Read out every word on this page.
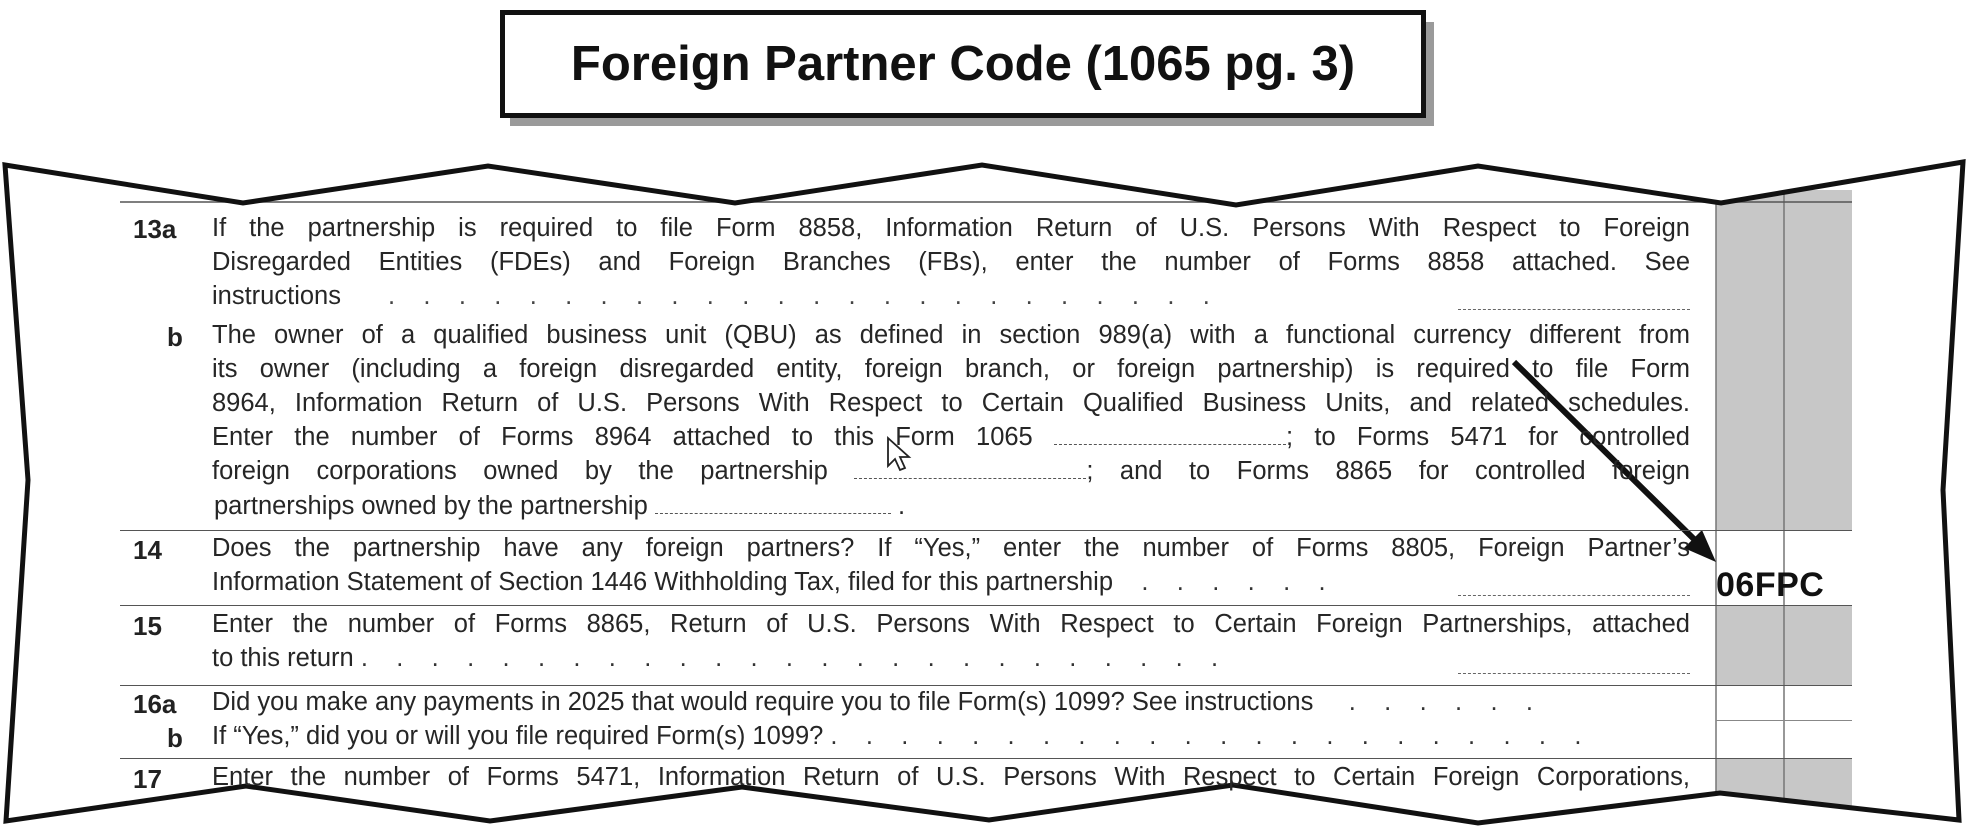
Foreign Partner Code (1065 pg. 3)
13a If the partnership is required to file Form 8858, Information Return of U.S. Persons With Respect to Foreign
Disregarded Entities (FDEs) and Foreign Branches (FBs), enter the number of Forms 8858 attached. See
instructions	.    .    .    .    .    .    .    .    .    .    .    .    .    .    .    .    .    .    .    .    .    .    .    .
b The owner of a qualified business unit (QBU) as defined in section 989(a) with a functional currency different from
its owner (including a foreign disregarded entity, foreign branch, or foreign partnership) is required to file Form
8964, Information Return of U.S. Persons With Respect to Certain Qualified Business Units, and related schedules.
Enter the number of Forms 8964 attached to this Form 1065	; to Forms 5471 for controlled
foreign corporations owned by the partnership	; and to Forms 8865 for controlled foreign
partnerships owned by the partnership	.
14 Does the partnership have any foreign partners? If “Yes,” enter the number of Forms 8805, Foreign Partner’s
Information Statement of Section 1446 Withholding Tax, filed for this partnership    .    .    .    .    .    .	06FPC
15 Enter the number of Forms 8865, Return of U.S. Persons With Respect to Certain Foreign Partnerships, attached
to this return .    .    .    .    .    .    .    .    .    .    .    .    .    .    .    .    .    .    .    .    .    .    .    .    .
16a Did you make any payments in 2025 that would require you to file Form(s) 1099? See instructions     .    .    .    .    .    .
b If “Yes,” did you or will you file required Form(s) 1099? .    .    .    .    .    .    .    .    .    .    .    .    .    .    .    .    .    .    .    .    .    .
17 Enter the number of Forms 5471, Information Return of U.S. Persons With Respect to Certain Foreign Corporations,
